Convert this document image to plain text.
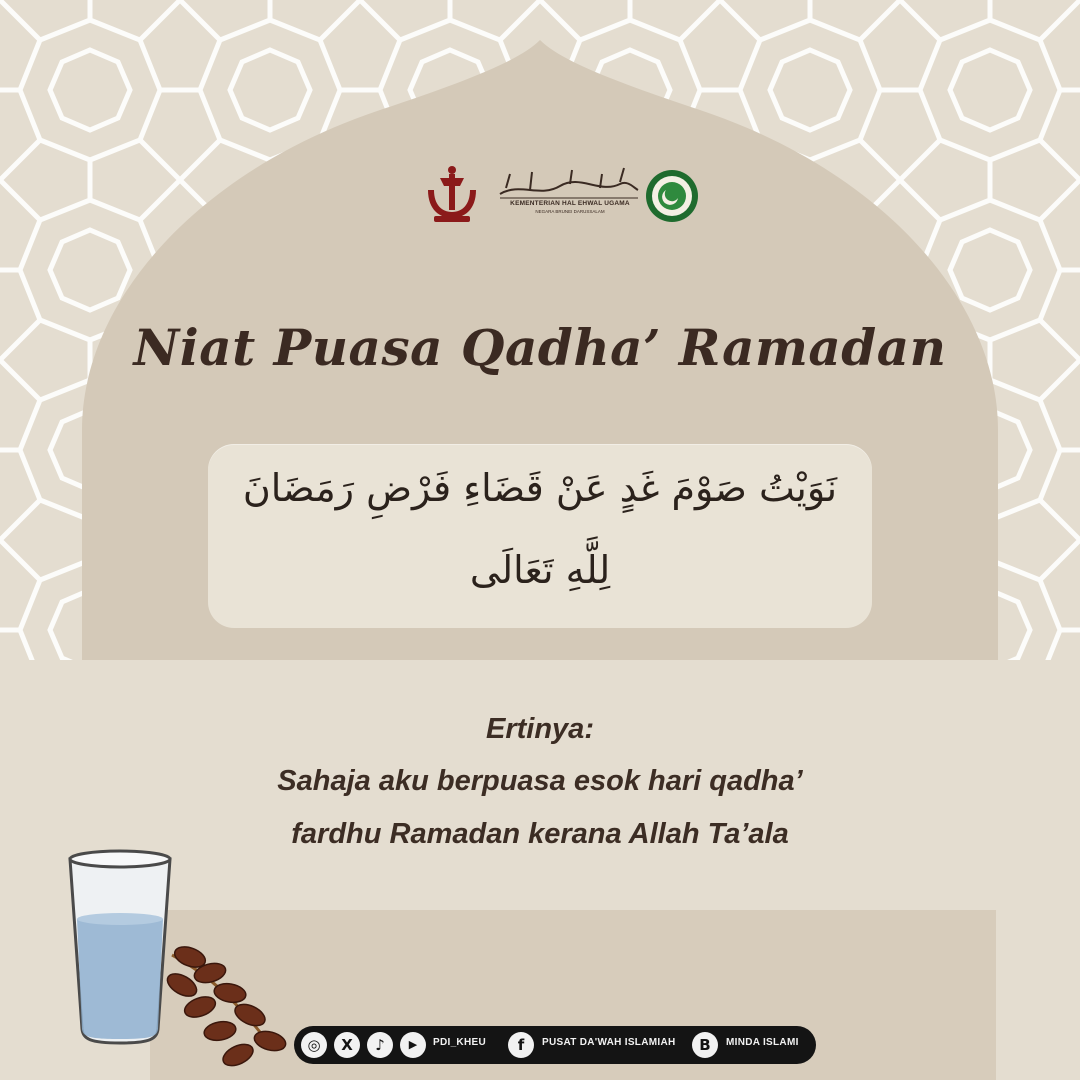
KEMENTERIAN HAL EHWAL UGAMA
NEGARA BRUNEI DARUSSALAM
Niat Puasa Qadha’ Ramadan
نَوَيْتُ صَوْمَ غَدٍ عَنْ قَضَاءِ فَرْضِ رَمَضَانَ
لِلَّهِ تَعَالَى
Ertinya:
Sahaja aku berpuasa esok hari qadha’
fardhu Ramadan kerana Allah Ta’ala
◎	X	♪	▶	PDI_KHEU	f	PUSAT DA'WAH ISLAMIAH	B	MINDA ISLAMI
